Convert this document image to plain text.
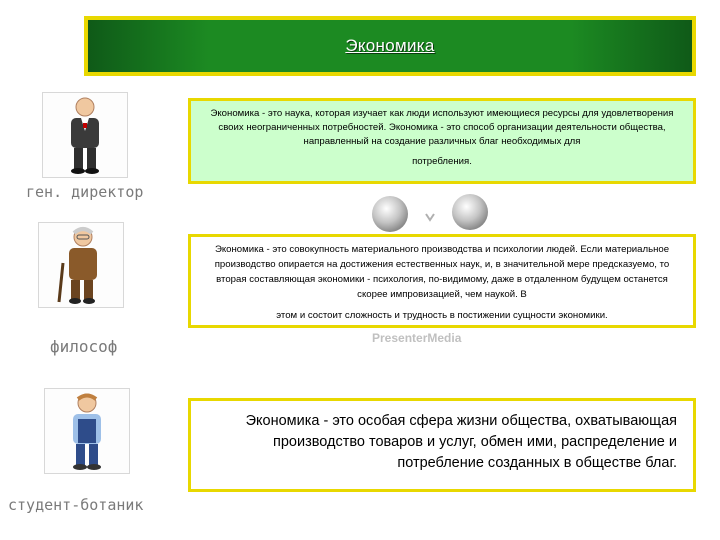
Экономика
ген. директор
философ
студент-ботаник
Экономика - это наука, которая изучает как люди используют имеющиеся ресурсы для удовлетворения своих неограниченных потребностей. Экономика - это способ организации деятельности общества, направленный на создание различных благ необходимых для
потребления.
Экономика - это совокупность материального производства и психологии людей. Если материальное производство опирается на достижения естественных наук, и, в значительной мере предсказуемо, то вторая составляющая экономики - психология, по-видимому, даже в отдаленном будущем останется скорее импровизацией, чем наукой. В
этом и состоит сложность и трудность в постижении сущности экономики.
PresenterMedia
Экономика - это особая сфера жизни общества, охватывающая производство товаров и услуг, обмен ими, распределение и потребление созданных в обществе благ.
